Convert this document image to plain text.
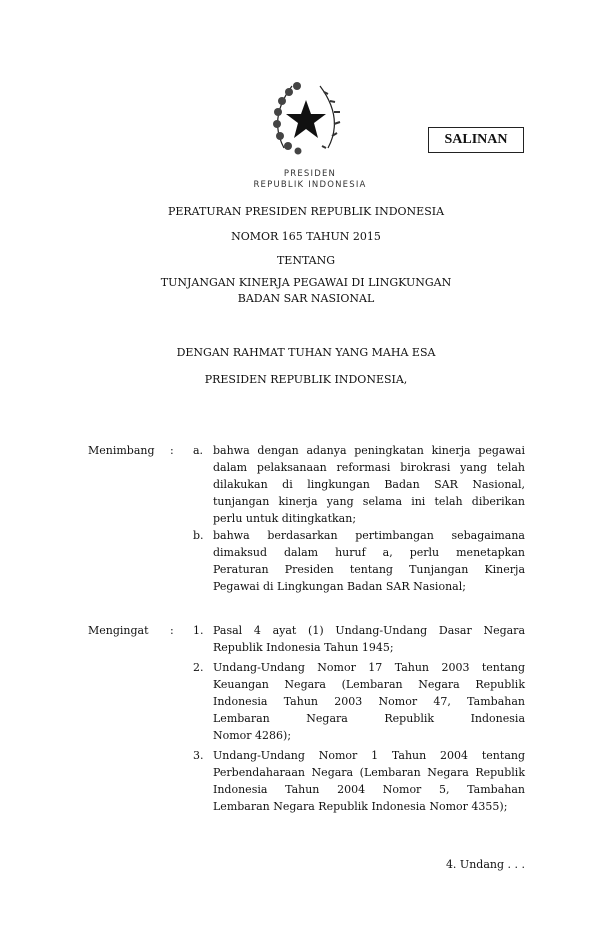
SALINAN
PRESIDEN
REPUBLIK INDONESIA
PERATURAN PRESIDEN REPUBLIK INDONESIA
NOMOR 165 TAHUN 2015
TENTANG
TUNJANGAN KINERJA PEGAWAI DI LINGKUNGAN
BADAN SAR NASIONAL
DENGAN RAHMAT TUHAN YANG MAHA ESA
PRESIDEN REPUBLIK INDONESIA,
Menimbang : a. bahwa dengan adanya peningkatan kinerja pegawai
dalam pelaksanaan reformasi birokrasi yang telah
dilakukan di lingkungan Badan SAR Nasional,
tunjangan kinerja yang selama ini telah diberikan
perlu untuk ditingkatkan;
b. bahwa berdasarkan pertimbangan sebagaimana
dimaksud dalam huruf a, perlu menetapkan
Peraturan Presiden tentang Tunjangan Kinerja
Pegawai di Lingkungan Badan SAR Nasional;
Mengingat : 1. Pasal 4 ayat (1) Undang-Undang Dasar Negara
Republik Indonesia Tahun 1945;
2. Undang-Undang Nomor 17 Tahun 2003 tentang
Keuangan Negara (Lembaran Negara Republik
Indonesia Tahun 2003 Nomor 47, Tambahan
Lembaran Negara Republik Indonesia
Nomor 4286);
3. Undang-Undang Nomor 1 Tahun 2004 tentang
Perbendaharaan Negara (Lembaran Negara Republik
Indonesia Tahun 2004 Nomor 5, Tambahan
Lembaran Negara Republik Indonesia Nomor 4355);
4. Undang . . .
